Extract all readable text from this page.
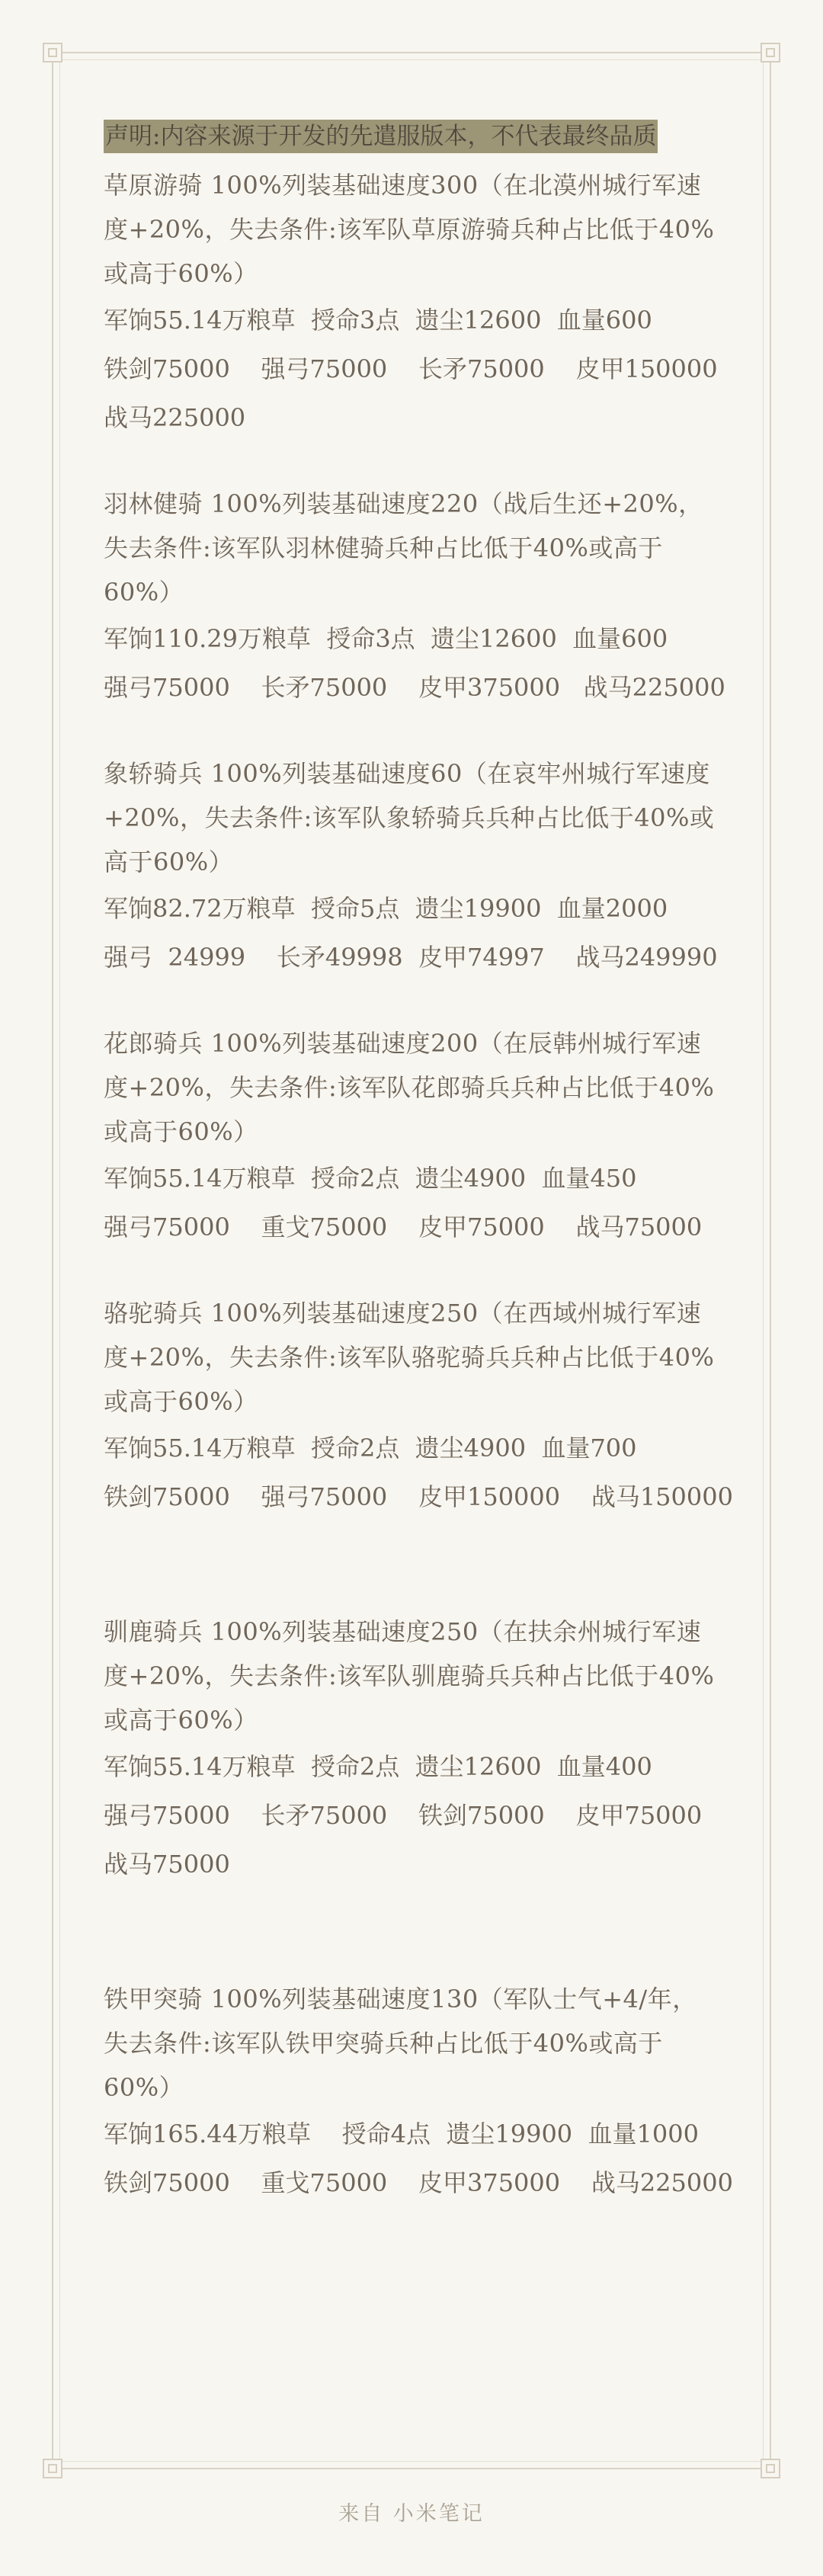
声明:内容来源于开发的先遣服版本，不代表最终品质
草原游骑 100%列装基础速度300（在北漠州城行军速度+20%，失去条件:该军队草原游骑兵种占比低于40%或高于60%）
军饷55.14万粮草  授命3点  遗尘12600  血量600
铁剑75000    强弓75000    长矛75000    皮甲150000
战马225000
羽林健骑 100%列装基础速度220（战后生还+20%，失去条件:该军队羽林健骑兵种占比低于40%或高于60%）
军饷110.29万粮草  授命3点  遗尘12600  血量600
强弓75000    长矛75000    皮甲375000   战马225000
象轿骑兵 100%列装基础速度60（在哀牢州城行军速度+20%，失去条件:该军队象轿骑兵兵种占比低于40%或高于60%）
军饷82.72万粮草  授命5点  遗尘19900  血量2000
强弓  24999    长矛49998  皮甲74997    战马249990
花郎骑兵 100%列装基础速度200（在辰韩州城行军速度+20%，失去条件:该军队花郎骑兵兵种占比低于40%或高于60%）
军饷55.14万粮草  授命2点  遗尘4900  血量450
强弓75000    重戈75000    皮甲75000    战马75000
骆驼骑兵 100%列装基础速度250（在西域州城行军速度+20%，失去条件:该军队骆驼骑兵兵种占比低于40%或高于60%）
军饷55.14万粮草  授命2点  遗尘4900  血量700
铁剑75000    强弓75000    皮甲150000    战马150000
驯鹿骑兵 100%列装基础速度250（在扶余州城行军速度+20%，失去条件:该军队驯鹿骑兵兵种占比低于40%或高于60%）
军饷55.14万粮草  授命2点  遗尘12600  血量400
强弓75000    长矛75000    铁剑75000    皮甲75000
战马75000
铁甲突骑 100%列装基础速度130（军队士气+4/年，失去条件:该军队铁甲突骑兵种占比低于40%或高于60%）
军饷165.44万粮草    授命4点  遗尘19900  血量1000
铁剑75000    重戈75000    皮甲375000    战马225000
来自 小米笔记
